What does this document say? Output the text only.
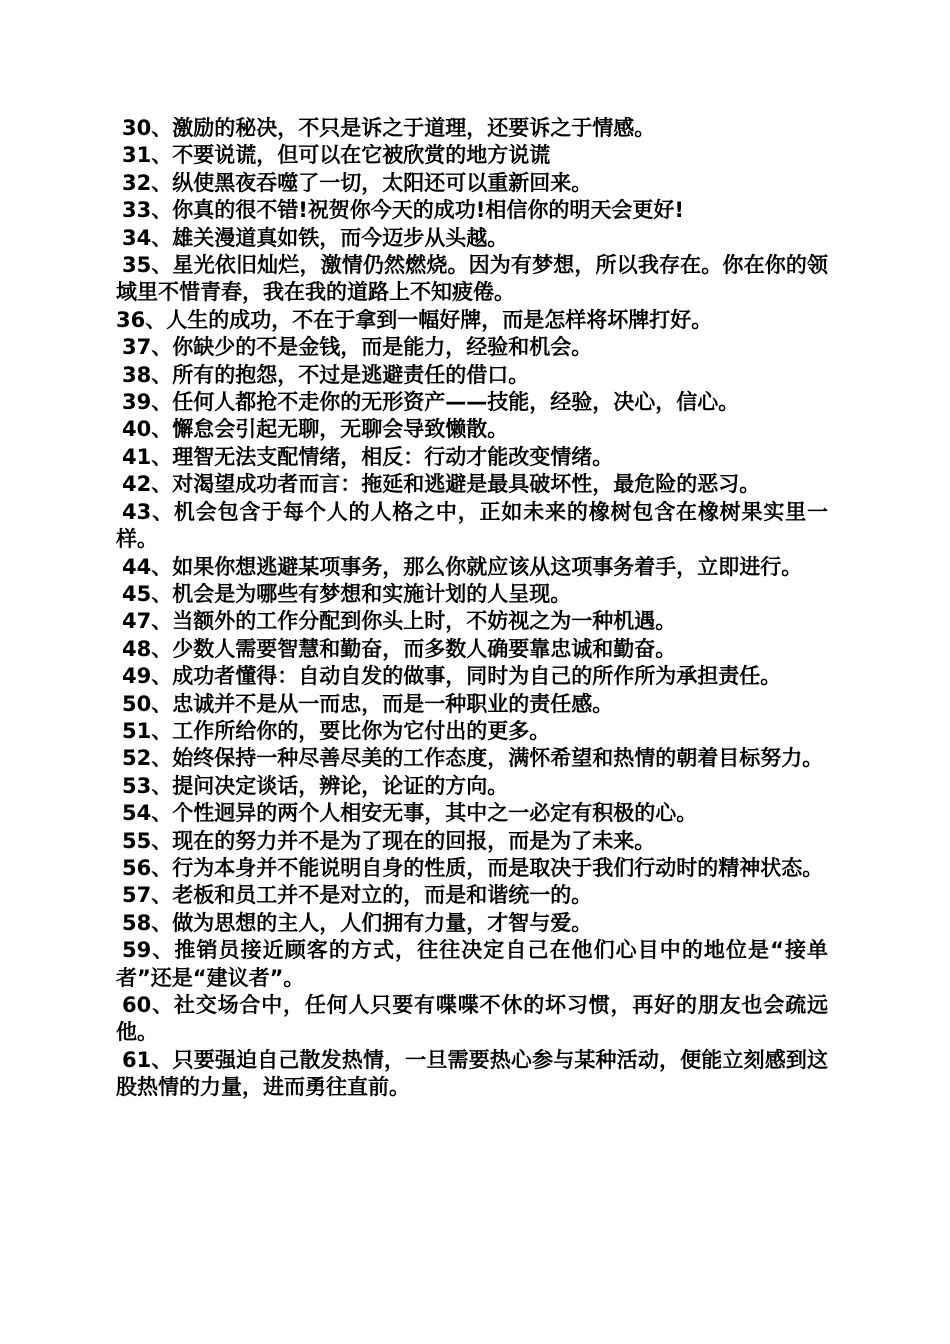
30、激励的秘决，不只是诉之于道理，还要诉之于情感。

31、不要说谎，但可以在它被欣赏的地方说谎

32、纵使黑夜吞噬了一切，太阳还可以重新回来。

33、你真的很不错!祝贺你今天的成功!相信你的明天会更好!

34、雄关漫道真如铁，而今迈步从头越。

35、星光依旧灿烂，激情仍然燃烧。因为有梦想，所以我存在。你在你的领域里不惜青春，我在我的道路上不知疲倦。

36、人生的成功，不在于拿到一幅好牌，而是怎样将坏牌打好。

37、你缺少的不是金钱，而是能力，经验和机会。

38、所有的抱怨，不过是逃避责任的借口。

39、任何人都抢不走你的无形资产——技能，经验，决心，信心。

40、懈怠会引起无聊，无聊会导致懒散。

41、理智无法支配情绪，相反：行动才能改变情绪。

42、对渴望成功者而言：拖延和逃避是最具破坏性，最危险的恶习。

43、机会包含于每个人的人格之中，正如未来的橡树包含在橡树果实里一样。

44、如果你想逃避某项事务，那么你就应该从这项事务着手，立即进行。

45、机会是为哪些有梦想和实施计划的人呈现。

47、当额外的工作分配到你头上时，不妨视之为一种机遇。

48、少数人需要智慧和勤奋，而多数人确要靠忠诚和勤奋。

49、成功者懂得：自动自发的做事，同时为自己的所作所为承担责任。

50、忠诚并不是从一而忠，而是一种职业的责任感。

51、工作所给你的，要比你为它付出的更多。

52、始终保持一种尽善尽美的工作态度，满怀希望和热情的朝着目标努力。

53、提问决定谈话，辨论，论证的方向。

54、个性迥异的两个人相安无事，其中之一必定有积极的心。

55、现在的努力并不是为了现在的回报，而是为了未来。

56、行为本身并不能说明自身的性质，而是取决于我们行动时的精神状态。

57、老板和员工并不是对立的，而是和谐统一的。

58、做为思想的主人，人们拥有力量，才智与爱。

59、推销员接近顾客的方式，往往决定自己在他们心目中的地位是“接单者”还是“建议者”。

60、社交场合中，任何人只要有喋喋不休的坏习惯，再好的朋友也会疏远他。

61、只要强迫自己散发热情，一旦需要热心参与某种活动，便能立刻感到这股热情的力量，进而勇往直前。
